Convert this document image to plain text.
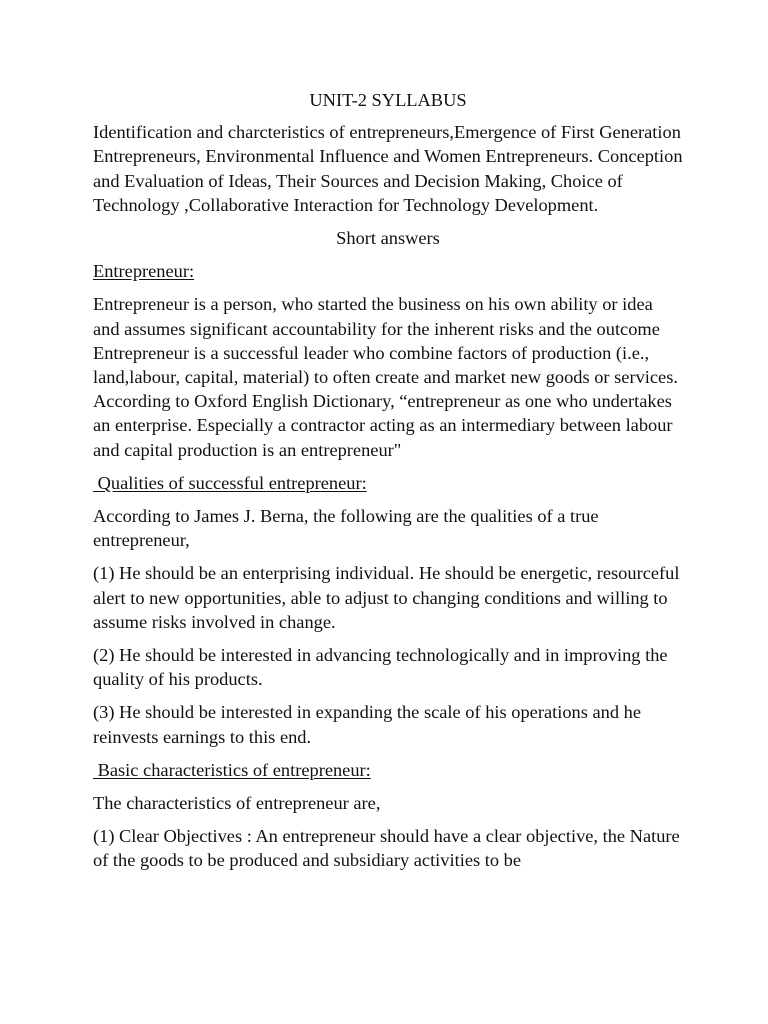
UNIT-2 SYLLABUS
Identification and charcteristics of entrepreneurs,Emergence of First Generation Entrepreneurs, Environmental Influence and Women Entrepreneurs. Conception and Evaluation of Ideas, Their Sources and Decision Making, Choice of Technology ,Collaborative Interaction for Technology Development.
Short answers
Entrepreneur:
Entrepreneur is a person, who started the business on his own ability or idea and assumes significant accountability for the inherent risks and the outcome Entrepreneur is a successful leader who combine factors of production (i.e., land,labour, capital, material) to often create and market new goods or services. According to Oxford English Dictionary, “entrepreneur as one who undertakes an enterprise. Especially a contractor acting as an intermediary between labour and capital production is an entrepreneur"
Qualities of successful entrepreneur:
According to James J. Berna, the following are the qualities of a true entrepreneur,
(1) He should be an enterprising individual. He should be energetic, resourceful alert to new opportunities, able to adjust to changing conditions and willing to assume risks involved in change.
(2) He should be interested in advancing technologically and in improving the quality of his products.
(3) He should be interested in expanding the scale of his operations and he reinvests earnings to this end.
Basic characteristics of entrepreneur:
The characteristics of entrepreneur are,
(1) Clear Objectives : An entrepreneur should have a clear objective, the Nature of the goods to be produced and subsidiary activities to be
